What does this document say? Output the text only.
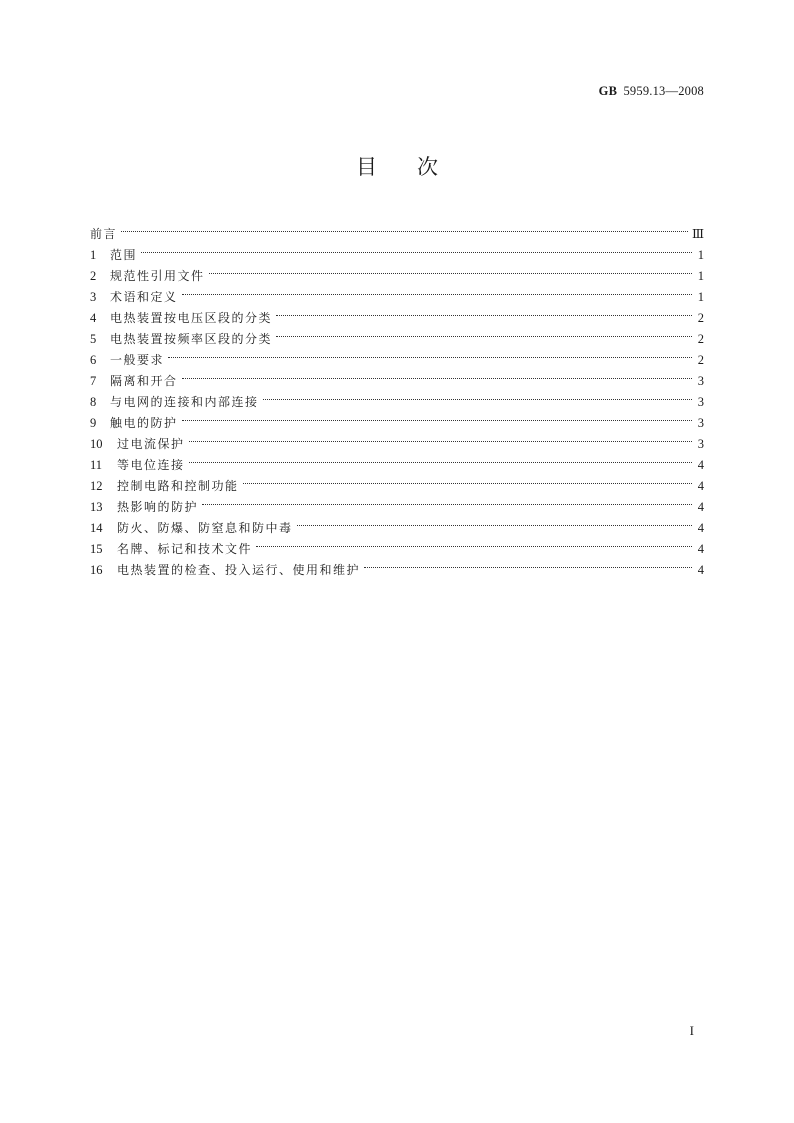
GB 5959.13—2008
目次
前言	Ⅲ
1	范围	1
2	规范性引用文件	1
3	术语和定义	1
4	电热装置按电压区段的分类	2
5	电热装置按频率区段的分类	2
6	一般要求	2
7	隔离和开合	3
8	与电网的连接和内部连接	3
9	触电的防护	3
10	过电流保护	3
11	等电位连接	4
12	控制电路和控制功能	4
13	热影响的防护	4
14	防火、防爆、防窒息和防中毒	4
15	名牌、标记和技术文件	4
16	电热装置的检查、投入运行、使用和维护	4
I
